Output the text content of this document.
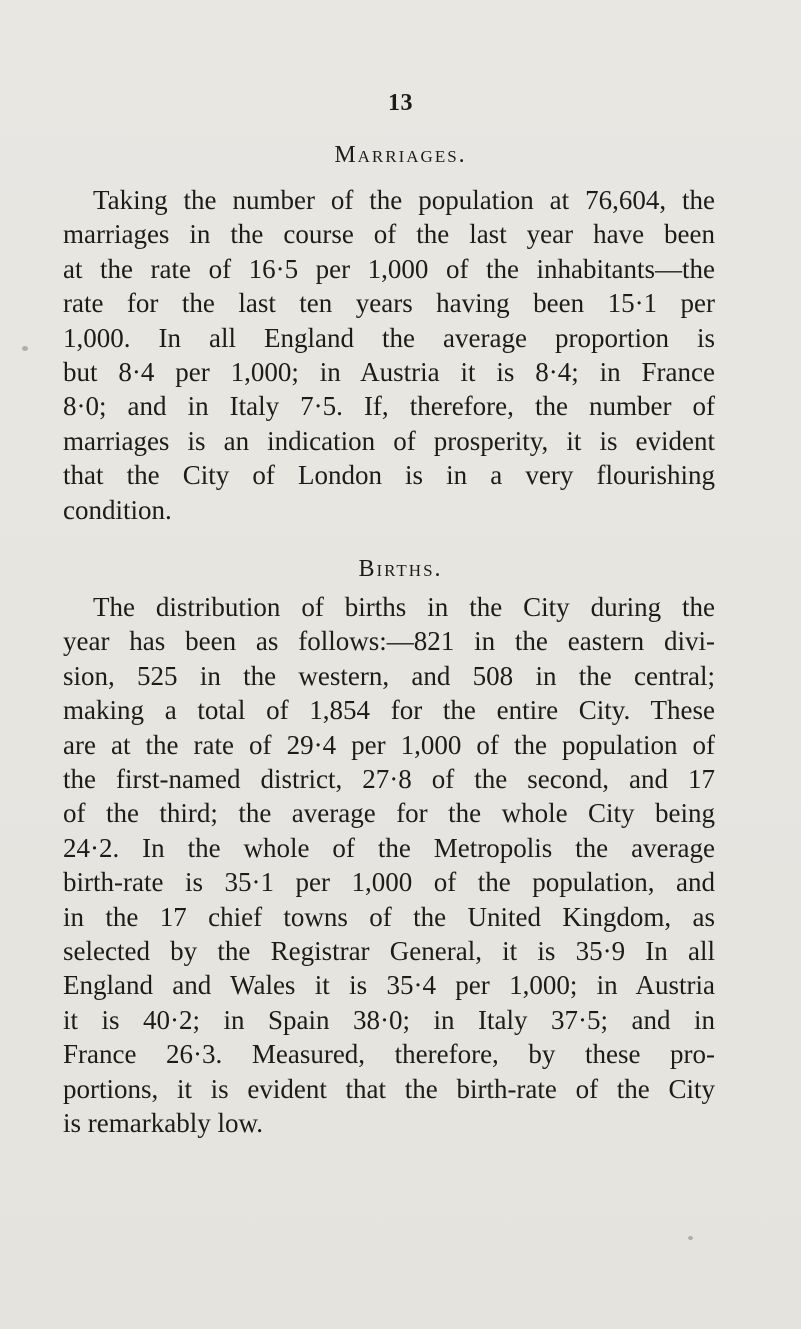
13
Marriages.
Taking the number of the population at 76,604, the
marriages in the course of the last year have been
at the rate of 16·5 per 1,000 of the inhabitants—the
rate for the last ten years having been 15·1 per
1,000. In all England the average proportion is
but 8·4 per 1,000; in Austria it is 8·4; in France
8·0; and in Italy 7·5. If, therefore, the number of
marriages is an indication of prosperity, it is evident
that the City of London is in a very flourishing
condition.
Births.
The distribution of births in the City during the
year has been as follows:—821 in the eastern divi-
sion, 525 in the western, and 508 in the central;
making a total of 1,854 for the entire City. These
are at the rate of 29·4 per 1,000 of the population of
the first-named district, 27·8 of the second, and 17
of the third; the average for the whole City being
24·2. In the whole of the Metropolis the average
birth-rate is 35·1 per 1,000 of the population, and
in the 17 chief towns of the United Kingdom, as
selected by the Registrar General, it is 35·9 In all
England and Wales it is 35·4 per 1,000; in Austria
it is 40·2; in Spain 38·0; in Italy 37·5; and in
France 26·3. Measured, therefore, by these pro-
portions, it is evident that the birth-rate of the City
is remarkably low.
